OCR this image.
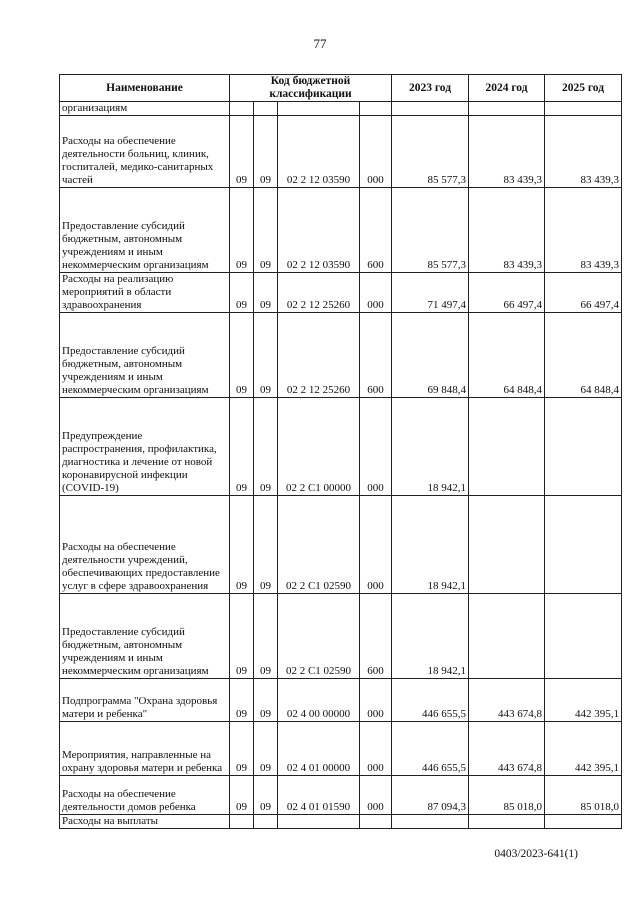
77
Наименование	Код бюджетной классификации				2023 год	2024 год	2025 год
организациям							
Расходы на обеспечение деятельности больниц, клиник, госпиталей, медико-санитарных частей	09	09	02 2 12 03590	000	85 577,3	83 439,3	83 439,3
Предоставление субсидий бюджетным, автономным учреждениям и иным некоммерческим организациям	09	09	02 2 12 03590	600	85 577,3	83 439,3	83 439,3
Расходы на реализацию мероприятий в области здравоохранения	09	09	02 2 12 25260	000	71 497,4	66 497,4	66 497,4
Предоставление субсидий бюджетным, автономным учреждениям и иным некоммерческим организациям	09	09	02 2 12 25260	600	69 848,4	64 848,4	64 848,4
Предупреждение распространения, профилактика, диагностика и лечение от новой коронавирусной инфекции (COVID-19)	09	09	02 2 С1 00000	000	18 942,1		
Расходы на обеспечение деятельности учреждений, обеспечивающих предоставление услуг в сфере здравоохранения	09	09	02 2 С1 02590	000	18 942,1		
Предоставление субсидий бюджетным, автономным учреждениям и иным некоммерческим организациям	09	09	02 2 С1 02590	600	18 942,1		
Подпрограмма "Охрана здоровья матери и ребенка"	09	09	02 4 00 00000	000	446 655,5	443 674,8	442 395,1
Мероприятия, направленные на охрану здоровья матери и ребенка	09	09	02 4 01 00000	000	446 655,5	443 674,8	442 395,1
Расходы на обеспечение деятельности домов ребенка	09	09	02 4 01 01590	000	87 094,3	85 018,0	85 018,0
Расходы на выплаты							
0403/2023-641(1)
